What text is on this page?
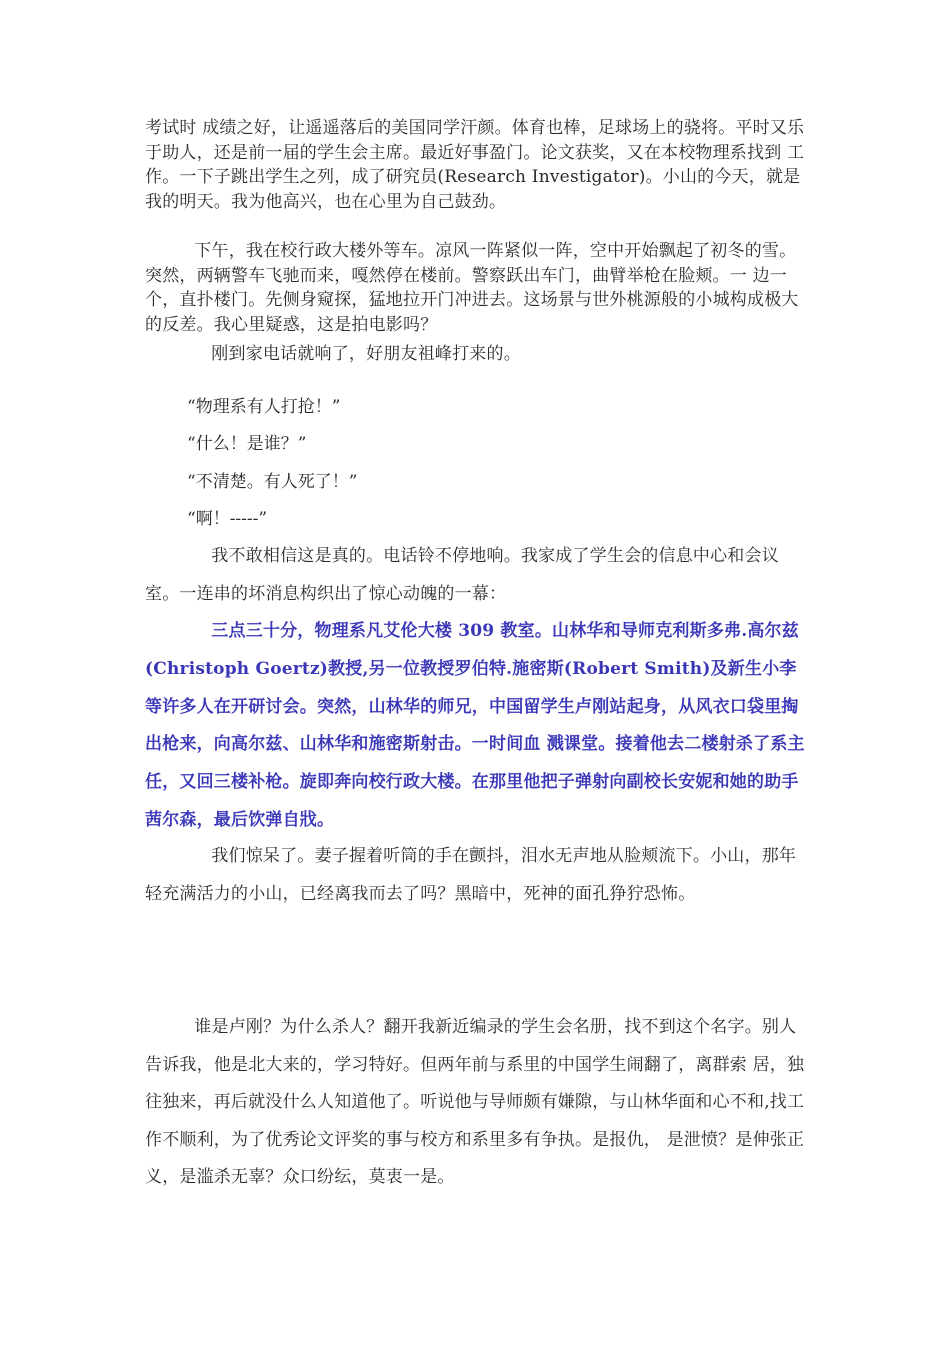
考试时 成绩之好，让遥遥落后的美国同学汗颜。体育也棒，足球场上的骁将。平时又乐于助人，还是前一届的学生会主席。最近好事盈门。论文获奖，又在本校物理系找到 工作。一下子跳出学生之列，成了研究员(Research Investigator)。小山的今天，就是我的明天。我为他高兴，也在心里为自己鼓劲。

下午，我在校行政大楼外等车。凉风一阵紧似一阵，空中开始飘起了初冬的雪。突然，两辆警车飞驰而来，嘎然停在楼前。警察跃出车门，曲臂举枪在脸颊。一 边一个，直扑楼门。先侧身窥探，猛地拉开门冲进去。这场景与世外桃源般的小城构成极大的反差。我心里疑惑，这是拍电影吗？

刚到家电话就响了，好朋友祖峰打来的。

“物理系有人打抢！”

“什么！是谁？”

“不清楚。有人死了！”

“啊！-----”

我不敢相信这是真的。电话铃不停地响。我家成了学生会的信息中心和会议室。一连串的坏消息构织出了惊心动魄的一幕：

三点三十分，物理系凡艾伦大楼 309 教室。山林华和导师克利斯多弗.高尔兹(Christoph Goertz)教授,另一位教授罗伯特.施密斯(Robert Smith)及新生小李等许多人在开研讨会。突然，山林华的师兄，中国留学生卢刚站起身，从风衣口袋里掏出枪来，向高尔兹、山林华和施密斯射击。一时间血 溅课堂。接着他去二楼射杀了系主任，又回三楼补枪。旋即奔向校行政大楼。在那里他把子弹射向副校长安妮和她的助手茜尔森，最后饮弹自戕。

我们惊呆了。妻子握着听筒的手在颤抖，泪水无声地从脸颊流下。小山，那年轻充满活力的小山，已经离我而去了吗？黑暗中，死神的面孔狰狞恐怖。

谁是卢刚？为什么杀人？翻开我新近编录的学生会名册，找不到这个名字。别人告诉我，他是北大来的，学习特好。但两年前与系里的中国学生闹翻了，离群索 居，独往独来，再后就没什么人知道他了。听说他与导师颇有嫌隙，与山林华面和心不和,找工作不顺利，为了优秀论文评奖的事与校方和系里多有争执。是报仇， 是泄愤？是伸张正义，是滥杀无辜？众口纷纭，莫衷一是。
